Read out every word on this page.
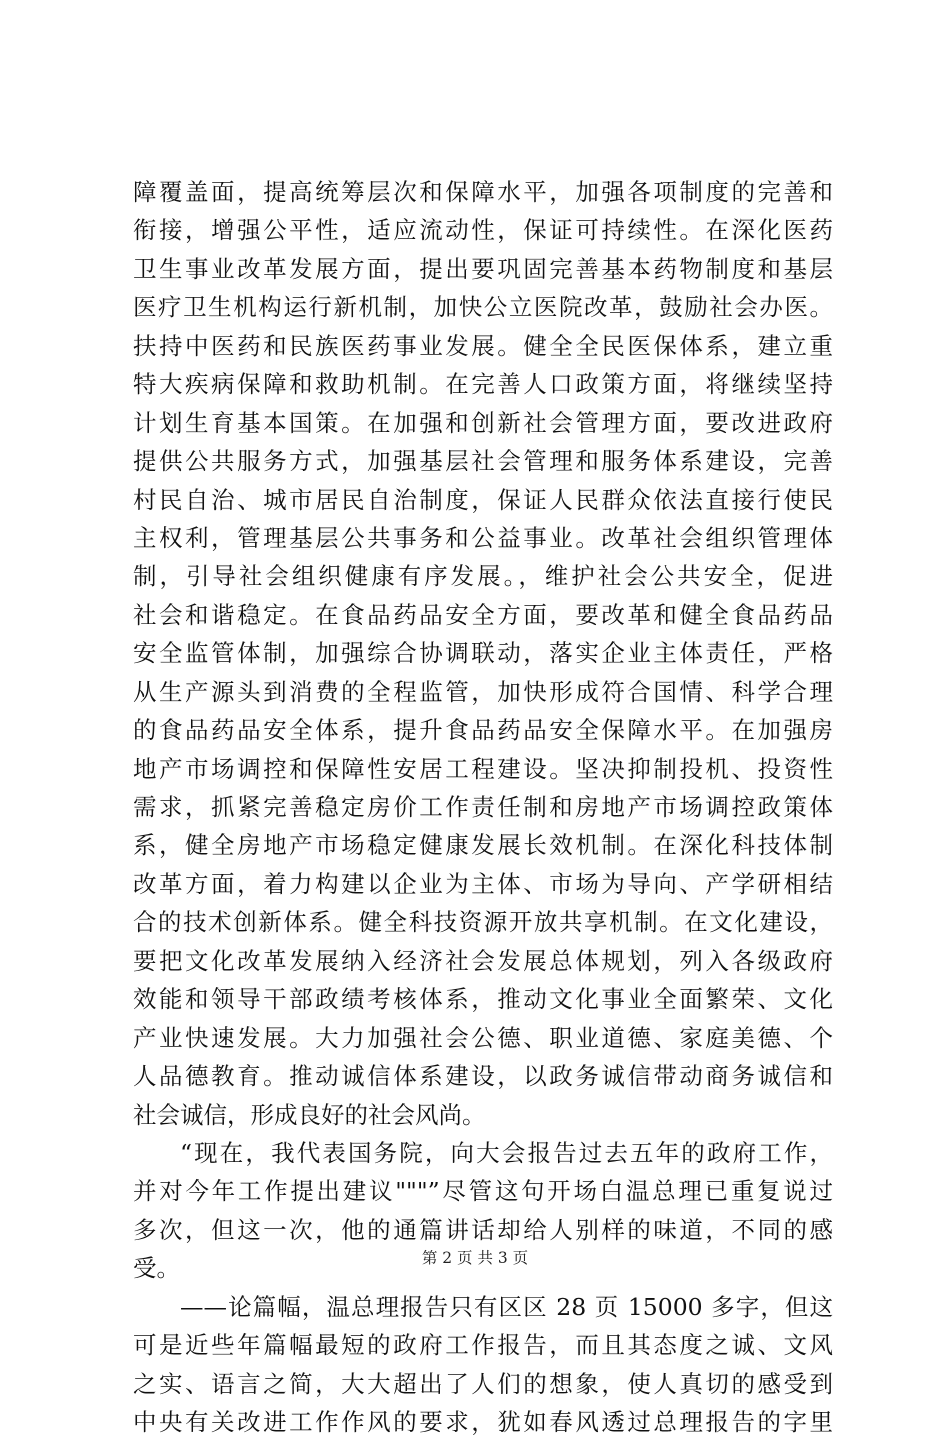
障覆盖面，提高统筹层次和保障水平，加强各项制度的完善和
衔接，增强公平性，适应流动性，保证可持续性。在深化医药
卫生事业改革发展方面，提出要巩固完善基本药物制度和基层
医疗卫生机构运行新机制，加快公立医院改革，鼓励社会办医。
扶持中医药和民族医药事业发展。健全全民医保体系，建立重
特大疾病保障和救助机制。在完善人口政策方面，将继续坚持
计划生育基本国策。在加强和创新社会管理方面，要改进政府
提供公共服务方式，加强基层社会管理和服务体系建设，完善
村民自治、城市居民自治制度，保证人民群众依法直接行使民
主权利，管理基层公共事务和公益事业。改革社会组织管理体
制，引导社会组织健康有序发展。，维护社会公共安全，促进
社会和谐稳定。在食品药品安全方面，要改革和健全食品药品
安全监管体制，加强综合协调联动，落实企业主体责任，严格
从生产源头到消费的全程监管，加快形成符合国情、科学合理
的食品药品安全体系，提升食品药品安全保障水平。在加强房
地产市场调控和保障性安居工程建设。坚决抑制投机、投资性
需求，抓紧完善稳定房价工作责任制和房地产市场调控政策体
系，健全房地产市场稳定健康发展长效机制。在深化科技体制
改革方面，着力构建以企业为主体、市场为导向、产学研相结
合的技术创新体系。健全科技资源开放共享机制。在文化建设，
要把文化改革发展纳入经济社会发展总体规划，列入各级政府
效能和领导干部政绩考核体系，推动文化事业全面繁荣、文化
产业快速发展。大力加强社会公德、职业道德、家庭美德、个
人品德教育。推动诚信体系建设，以政务诚信带动商务诚信和
社会诚信，形成良好的社会风尚。
“现在，我代表国务院，向大会报告过去五年的政府工作，
并对今年工作提出建议"""”尽管这句开场白温总理已重复说过
多次，但这一次，他的通篇讲话却给人别样的味道，不同的感
受。
——论篇幅，温总理报告只有区区 28 页 15000 多字，但这
可是近些年篇幅最短的政府工作报告，而且其态度之诚、文风
之实、语言之简，大大超出了人们的想象，使人真切的感受到
中央有关改进工作作风的要求，犹如春风透过总理报告的字里
第 2 页 共 3 页
